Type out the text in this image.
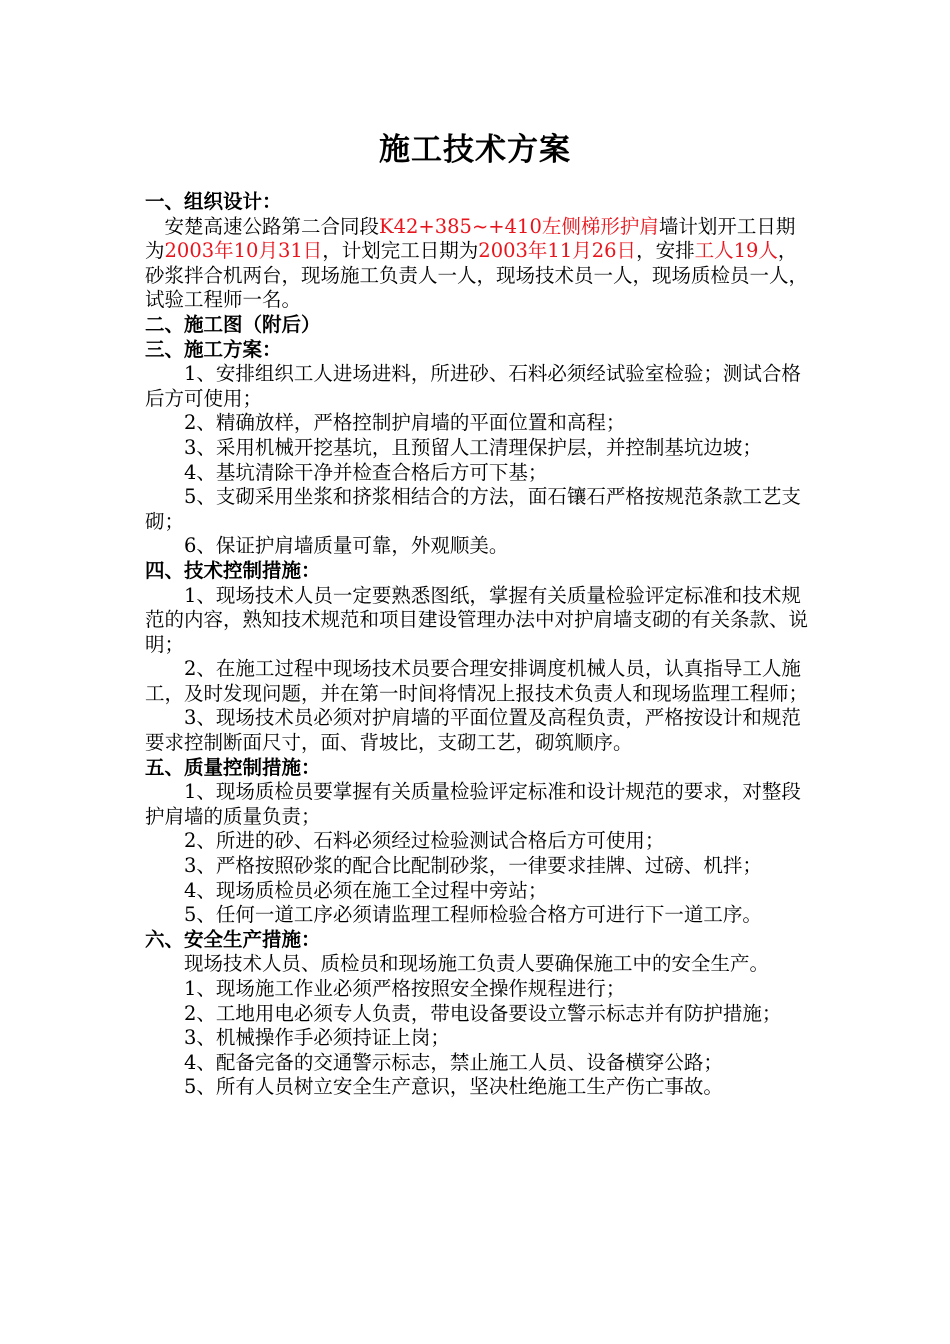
施工技术方案

一、组织设计：

安楚高速公路第二合同段K42+385~+410左侧梯形护肩墙计划开工日期为2003年10月31日，计划完工日期为2003年11月26日，安排工人19人，砂浆拌合机两台，现场施工负责人一人，现场技术员一人，现场质检员一人，试验工程师一名。

二、施工图（附后）

三、施工方案：

1、安排组织工人进场进料，所进砂、石料必须经试验室检验；测试合格后方可使用；

2、精确放样，严格控制护肩墙的平面位置和高程；

3、采用机械开挖基坑，且预留人工清理保护层，并控制基坑边坡；

4、基坑清除干净并检查合格后方可下基；

5、支砌采用坐浆和挤浆相结合的方法，面石镶石严格按规范条款工艺支砌；

6、保证护肩墙质量可靠，外观顺美。

四、技术控制措施：

1、现场技术人员一定要熟悉图纸，掌握有关质量检验评定标准和技术规范的内容，熟知技术规范和项目建设管理办法中对护肩墙支砌的有关条款、说明；

2、在施工过程中现场技术员要合理安排调度机械人员，认真指导工人施工，及时发现问题，并在第一时间将情况上报技术负责人和现场监理工程师；

3、现场技术员必须对护肩墙的平面位置及高程负责，严格按设计和规范要求控制断面尺寸，面、背坡比，支砌工艺，砌筑顺序。

五、质量控制措施：

1、现场质检员要掌握有关质量检验评定标准和设计规范的要求，对整段护肩墙的质量负责；

2、所进的砂、石料必须经过检验测试合格后方可使用；

3、严格按照砂浆的配合比配制砂浆，一律要求挂牌、过磅、机拌；

4、现场质检员必须在施工全过程中旁站；

5、任何一道工序必须请监理工程师检验合格方可进行下一道工序。

六、安全生产措施：

现场技术人员、质检员和现场施工负责人要确保施工中的安全生产。

1、现场施工作业必须严格按照安全操作规程进行；

2、工地用电必须专人负责，带电设备要设立警示标志并有防护措施；

3、机械操作手必须持证上岗；

4、配备完备的交通警示标志，禁止施工人员、设备横穿公路；

5、所有人员树立安全生产意识，坚决杜绝施工生产伤亡事故。
